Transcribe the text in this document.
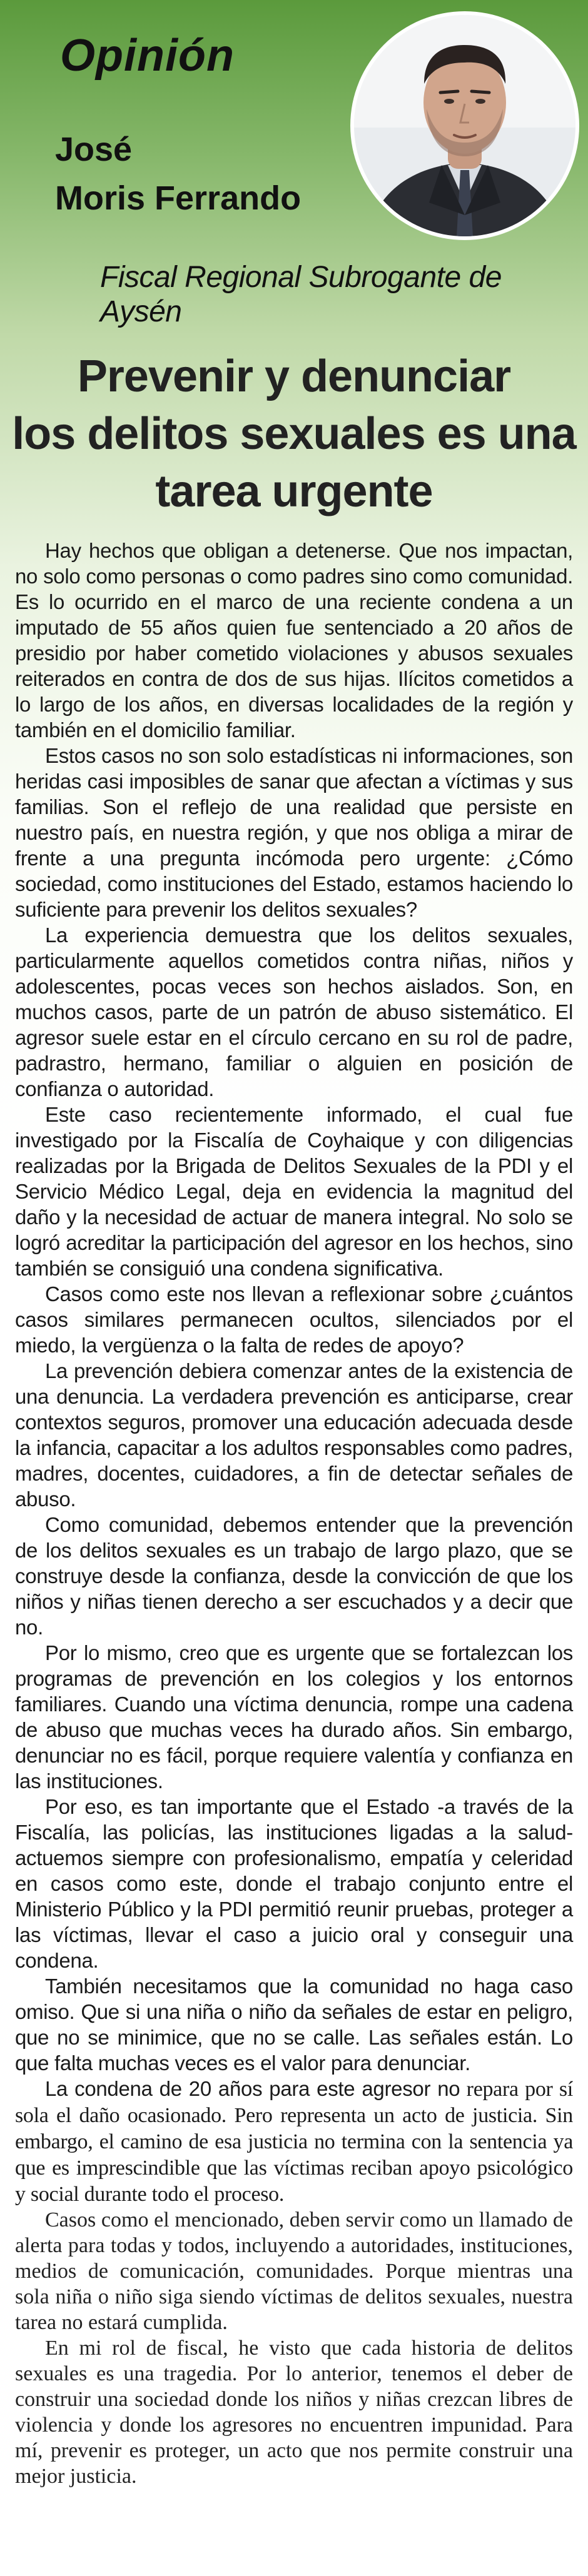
Opinión
José
Moris Ferrando
Fiscal Regional Subrogante de Aysén
Prevenir y denunciar
los delitos sexuales es una
tarea urgente

Hay hechos que obligan a detenerse. Que nos impactan, no solo como personas o como padres sino como comunidad. Es lo ocurrido en el marco de una reciente condena a un imputado de 55 años quien fue sentenciado a 20 años de presidio por haber cometido violaciones y abusos sexuales reiterados en contra de dos de sus hijas. Ilícitos cometidos a lo largo de los años, en diversas localidades de la región y también en el domicilio familiar.

Estos casos no son solo estadísticas ni informaciones, son heridas casi imposibles de sanar que afectan a víctimas y sus familias. Son el reflejo de una realidad que persiste en nuestro país, en nuestra región, y que nos obliga a mirar de frente a una pregunta incómoda pero urgente: ¿Cómo sociedad, como instituciones del Estado, estamos haciendo lo suficiente para prevenir los delitos sexuales?

La experiencia demuestra que los delitos sexuales, particularmente aquellos cometidos contra niñas, niños y adolescentes, pocas veces son hechos aislados. Son, en muchos casos, parte de un patrón de abuso sistemático. El agresor suele estar en el círculo cercano en su rol de padre, padrastro, hermano, familiar o alguien en posición de confianza o autoridad.

Este caso recientemente informado, el cual fue investigado por la Fiscalía de Coyhaique y con diligencias realizadas por la Brigada de Delitos Sexuales de la PDI y el Servicio Médico Legal, deja en evidencia la magnitud del daño y la necesidad de actuar de manera integral. No solo se logró acreditar la participación del agresor en los hechos, sino también se consiguió una condena significativa.

Casos como este nos llevan a reflexionar sobre ¿cuántos casos similares permanecen ocultos, silenciados por el miedo, la vergüenza o la falta de redes de apoyo?

La prevención debiera comenzar antes de la existencia de una denuncia. La verdadera prevención es anticiparse, crear contextos seguros, promover una educación adecuada desde la infancia, capacitar a los adultos responsables como padres, madres, docentes, cuidadores, a fin de detectar señales de abuso.

Como comunidad, debemos entender que la prevención de los delitos sexuales es un trabajo de largo plazo, que se construye desde la confianza, desde la convicción de que los niños y niñas tienen derecho a ser escuchados y a decir que no.

Por lo mismo, creo que es urgente que se fortalezcan los programas de prevención en los colegios y los entornos familiares. Cuando una víctima denuncia, rompe una cadena de abuso que muchas veces ha durado años. Sin embargo, denunciar no es fácil, porque requiere valentía y confianza en las instituciones.

Por eso, es tan importante que el Estado -a través de la Fiscalía, las policías, las instituciones ligadas a la salud- actuemos siempre con profesionalismo, empatía y celeridad en casos como este, donde el trabajo conjunto entre el Ministerio Público y la PDI permitió reunir pruebas, proteger a las víctimas, llevar el caso a juicio oral y conseguir una condena.

También necesitamos que la comunidad no haga caso omiso. Que si una niña o niño da señales de estar en peligro, que no se minimice, que no se calle. Las señales están. Lo que falta muchas veces es el valor para denunciar.

La condena de 20 años para este agresor no repara por sí sola el daño ocasionado. Pero representa un acto de justicia. Sin embargo, el camino de esa justicia no termina con la sentencia ya que es imprescindible que las víctimas reciban apoyo psicológico y social durante todo el proceso.

Casos como el mencionado, deben servir como un llamado de alerta para todas y todos, incluyendo a autoridades, instituciones, medios de comunicación, comunidades. Porque mientras una sola niña o niño siga siendo víctimas de delitos sexuales, nuestra tarea no estará cumplida.

En mi rol de fiscal, he visto que cada historia de delitos sexuales es una tragedia. Por lo anterior, tenemos el deber de construir una sociedad donde los niños y niñas crezcan libres de violencia y donde los agresores no encuentren impunidad. Para mí, prevenir es proteger, un acto que nos permite construir una mejor justicia.
